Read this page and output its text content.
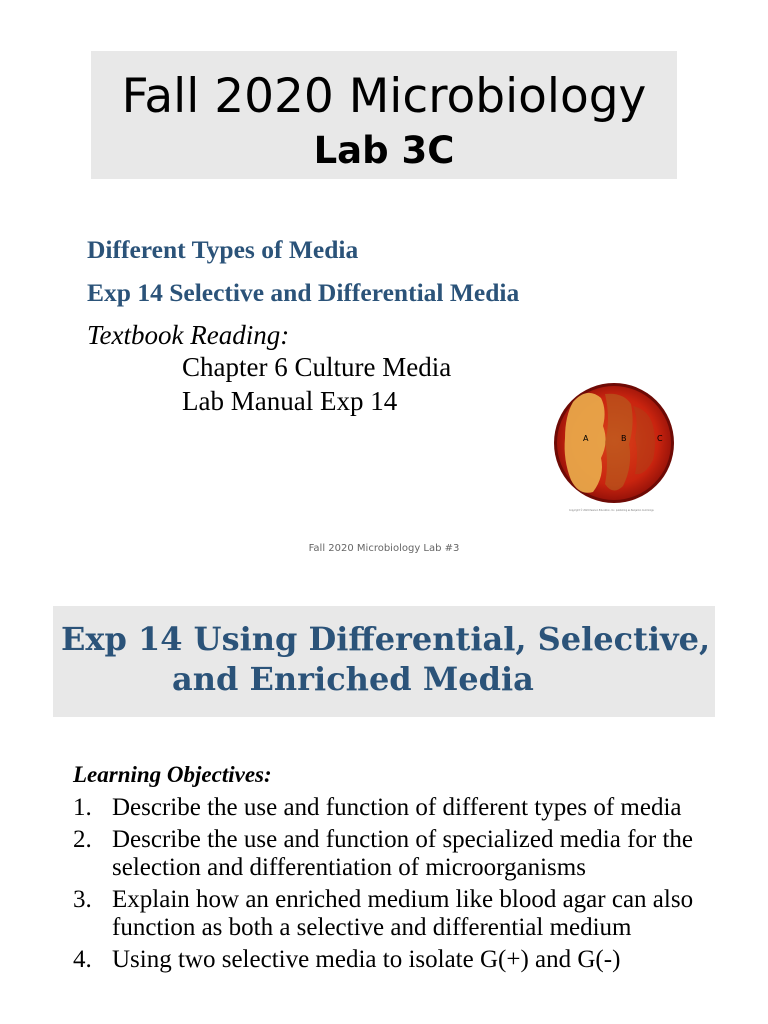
Fall 2020 Microbiology
Lab 3C
Different Types of Media
Exp 14 Selective and Differential Media
Textbook Reading:
Chapter 6 Culture Media
Lab Manual Exp 14
A	B	C
Copyright © 2020 Pearson Education, Inc. publishing as Benjamin Cummings
Fall 2020 Microbiology Lab #3
Exp 14 Using Differential, Selective,
and Enriched Media
Learning Objectives:
1. Describe the use and function of different types of media
2. Describe the use and function of specialized media for the selection and differentiation of microorganisms
3. Explain how an enriched medium like blood agar can also function as both a selective and differential medium
4. Using two selective media to isolate G(+) and G(-)
